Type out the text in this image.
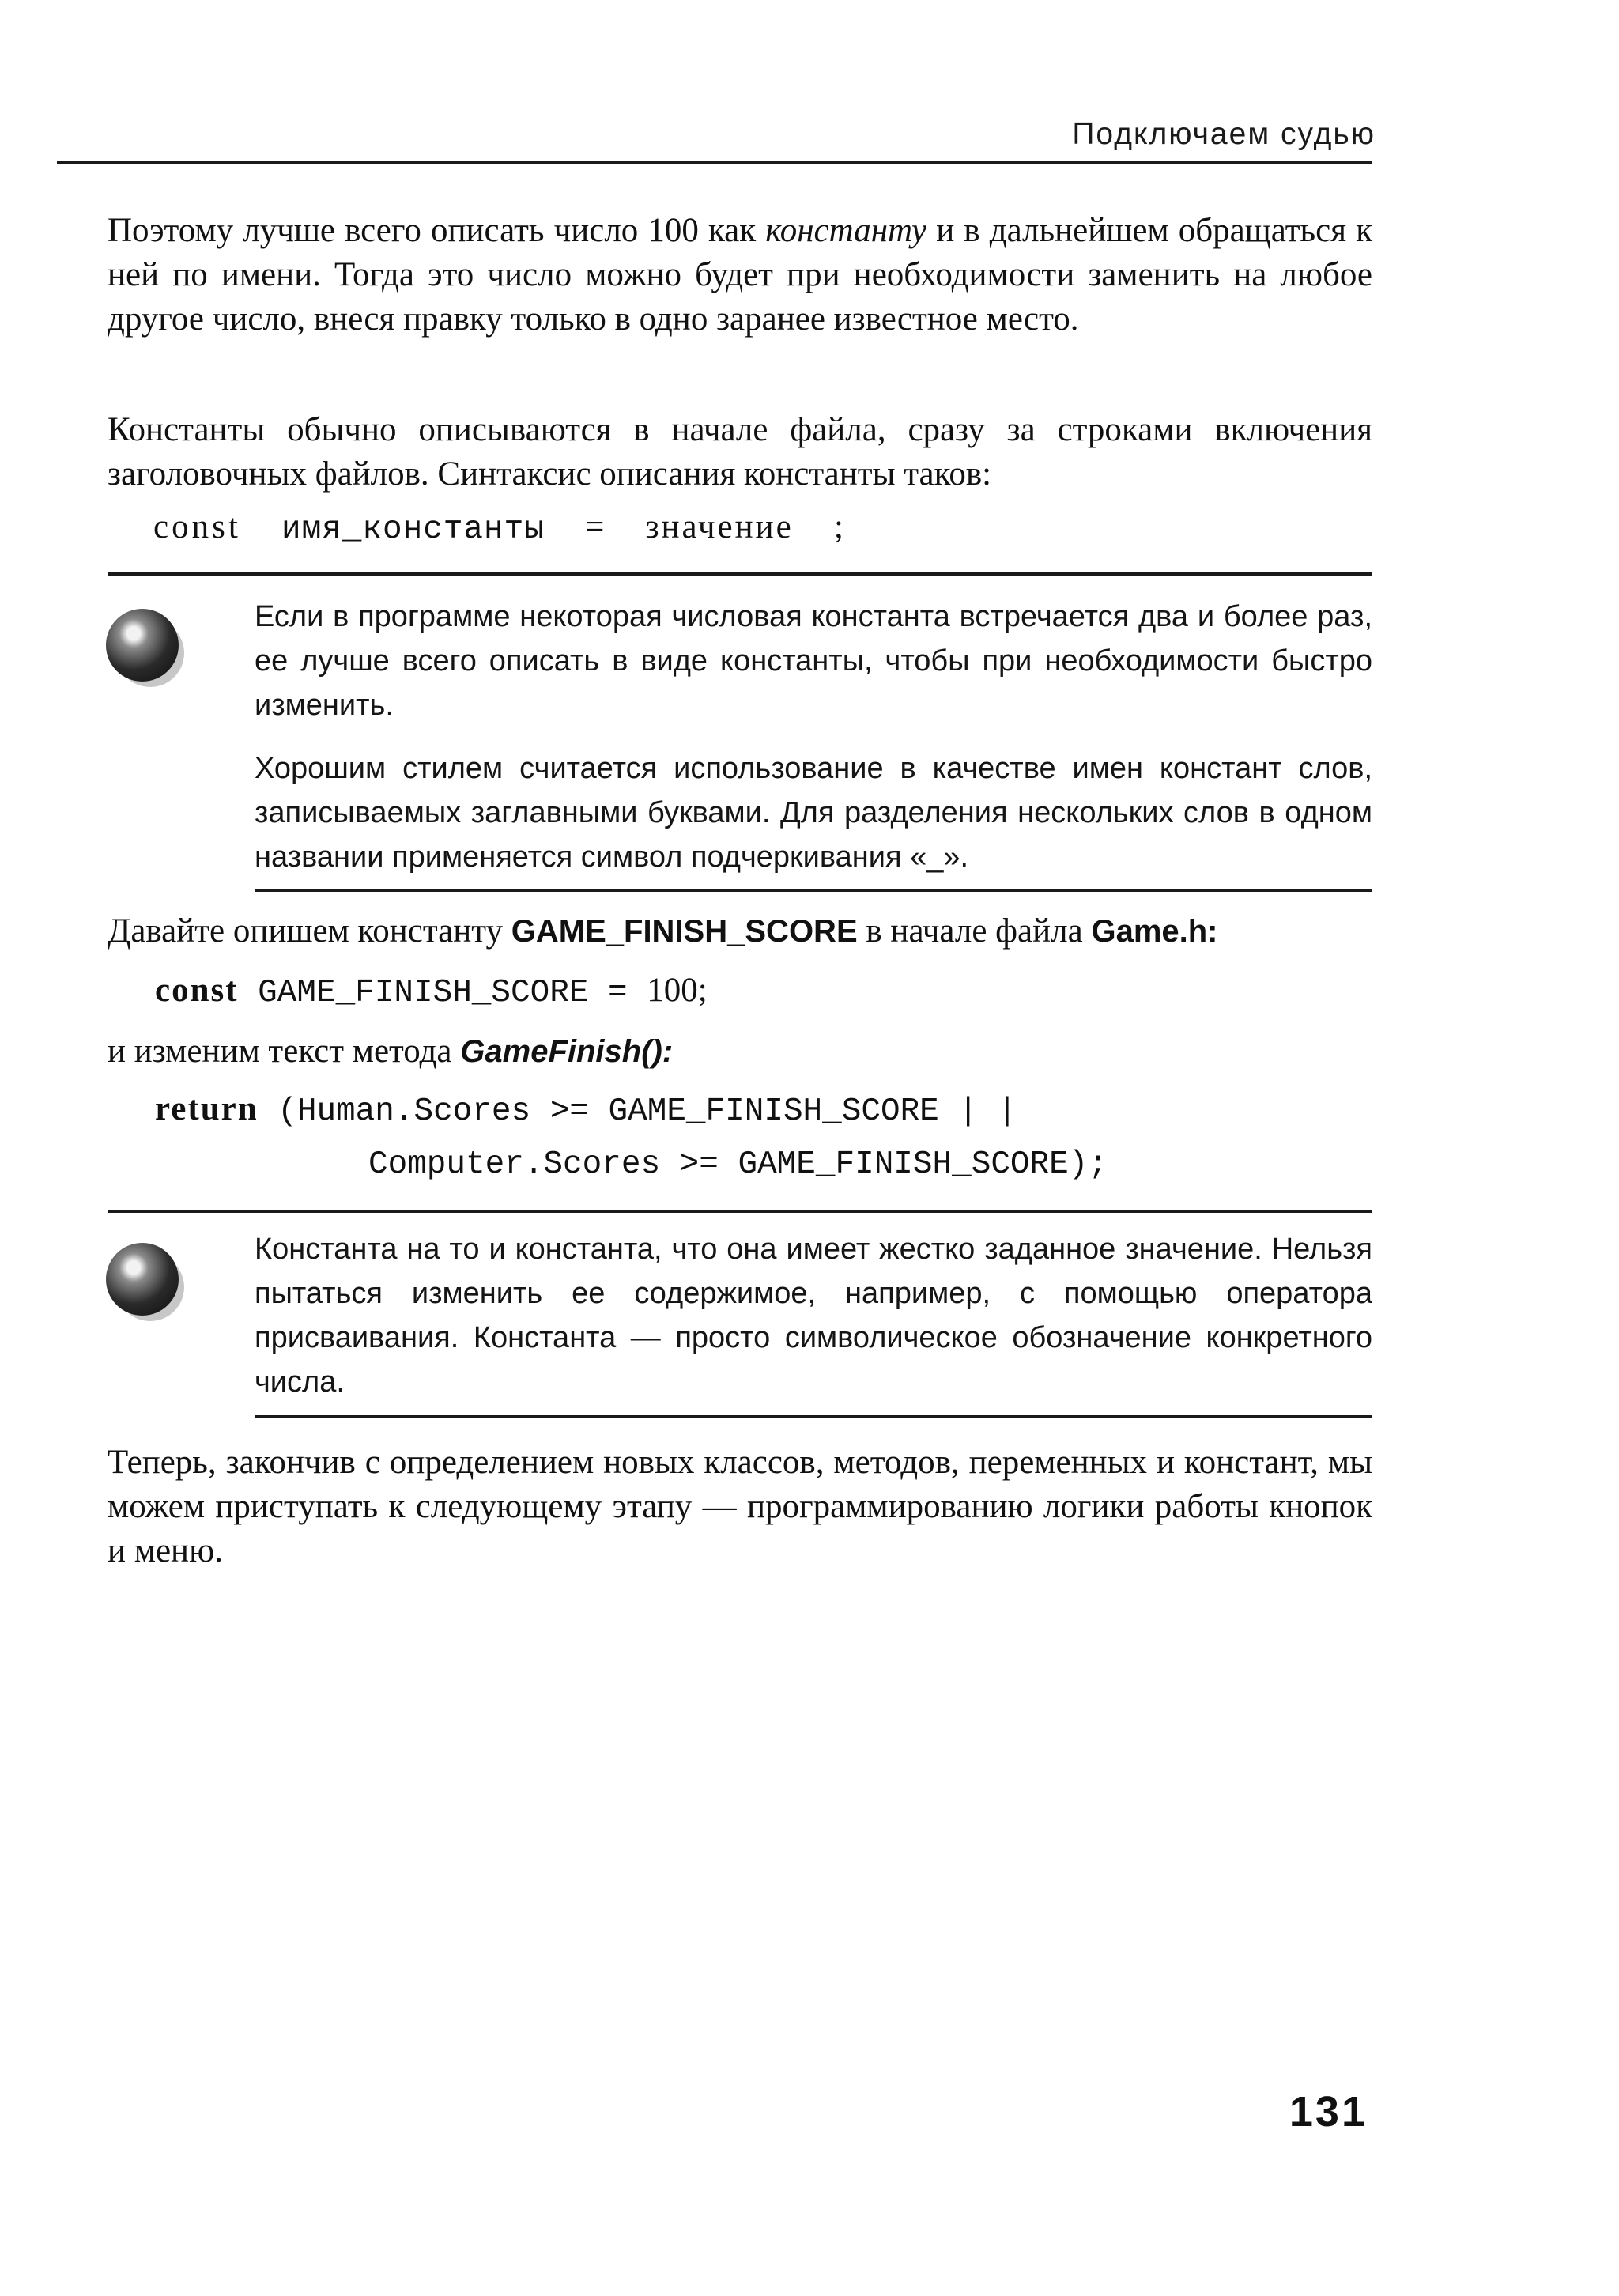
Подключаем судью

Поэтому лучше всего описать число 100 как константу и в дальнейшем обращаться к ней по имени. Тогда это число можно будет при необходимости заменить на любое другое число, внеся правку только в одно заранее известное место.

Константы обычно описываются в начале файла, сразу за строками включения заголовочных файлов. Синтаксис описания константы таков:

const имя_константы = значение ;

Если в программе некоторая числовая константа встречается два и более раз, ее лучше всего описать в виде константы, чтобы при необходимости быстро изменить.

Хорошим стилем считается использование в качестве имен констант слов, записываемых заглавными буквами. Для разделения нескольких слов в одном названии применяется символ подчеркивания «_».

Давайте опишем константу GAME_FINISH_SCORE в начале файла Game.h:

const GAME_FINISH_SCORE = 100;

и изменим текст метода GameFinish():

return (Human.Scores >= GAME_FINISH_SCORE | |
Computer.Scores >= GAME_FINISH_SCORE);

Константа на то и константа, что она имеет жестко заданное значение. Нельзя пытаться изменить ее содержимое, например, с помощью оператора присваивания. Константа — просто символическое обозначение конкретного числа.

Теперь, закончив с определением новых классов, методов, переменных и констант, мы можем приступать к следующему этапу — программированию логики работы кнопок и меню.

131
